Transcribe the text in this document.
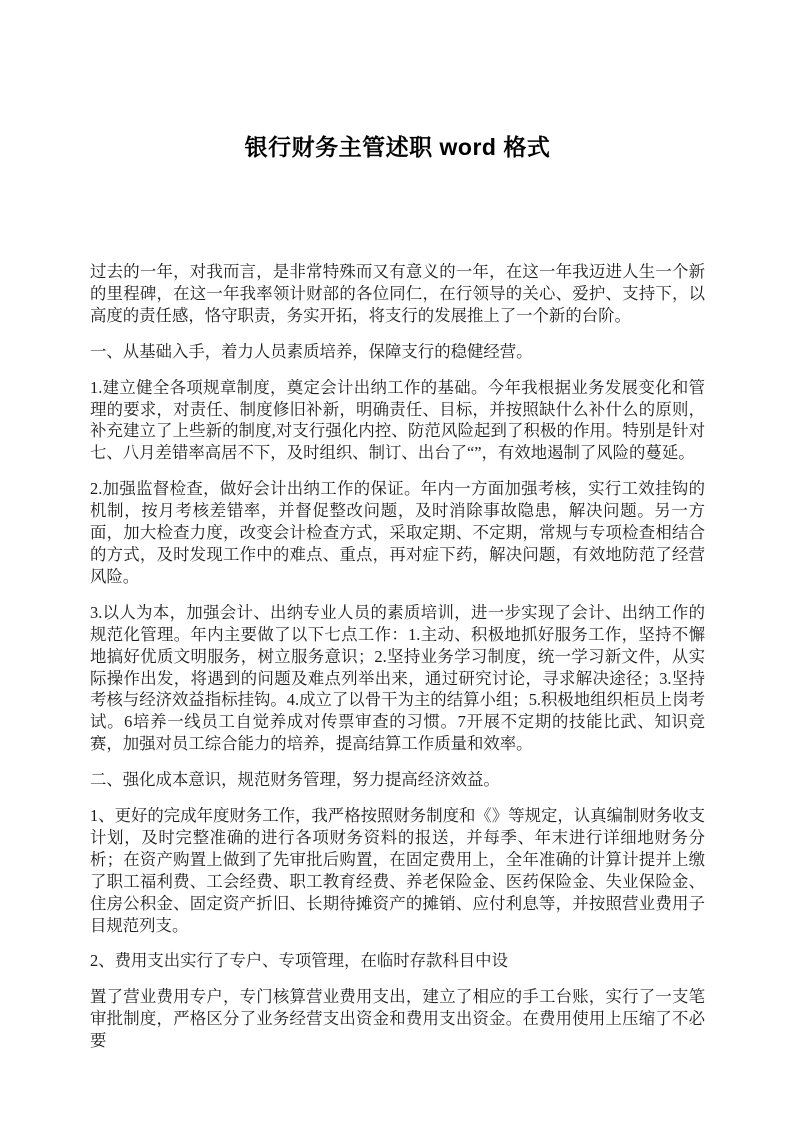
银行财务主管述职 word 格式

过去的一年，对我而言，是非常特殊而又有意义的一年，在这一年我迈进人生一个新的里程碑，在这一年我率领计财部的各位同仁，在行领导的关心、爱护、支持下，以高度的责任感，恪守职责，务实开拓，将支行的发展推上了一个新的台阶。

一、从基础入手，着力人员素质培养，保障支行的稳健经营。

1.建立健全各项规章制度，奠定会计出纳工作的基础。今年我根据业务发展变化和管理的要求，对责任、制度修旧补新，明确责任、目标，并按照缺什么补什么的原则，补充建立了上些新的制度,对支行强化内控、防范风险起到了积极的作用。特别是针对七、八月差错率高居不下，及时组织、制订、出台了“”，有效地遏制了风险的蔓延。

2.加强监督检查，做好会计出纳工作的保证。年内一方面加强考核，实行工效挂钩的机制，按月考核差错率，并督促整改问题，及时消除事故隐患，解决问题。另一方面，加大检查力度，改变会计检查方式，采取定期、不定期，常规与专项检查相结合的方式，及时发现工作中的难点、重点，再对症下药，解决问题，有效地防范了经营风险。

3.以人为本，加强会计、出纳专业人员的素质培训，进一步实现了会计、出纳工作的规范化管理。年内主要做了以下七点工作：1.主动、积极地抓好服务工作，坚持不懈地搞好优质文明服务，树立服务意识；2.坚持业务学习制度，统一学习新文件，从实际操作出发，将遇到的问题及难点列举出来，通过研究讨论，寻求解决途径；3.坚持考核与经济效益指标挂钩。4.成立了以骨干为主的结算小组；5.积极地组织柜员上岗考试。6培养一线员工自觉养成对传票审查的习惯。7开展不定期的技能比武、知识竞赛，加强对员工综合能力的培养，提高结算工作质量和效率。

二、强化成本意识，规范财务管理，努力提高经济效益。

1、更好的完成年度财务工作，我严格按照财务制度和《》等规定，认真编制财务收支计划，及时完整准确的进行各项财务资料的报送，并每季、年末进行详细地财务分析；在资产购置上做到了先审批后购置，在固定费用上，全年准确的计算计提并上缴了职工福利费、工会经费、职工教育经费、养老保险金、医药保险金、失业保险金、住房公积金、固定资产折旧、长期待摊资产的摊销、应付利息等，并按照营业费用子目规范列支。

2、费用支出实行了专户、专项管理，在临时存款科目中设

置了营业费用专户，专门核算营业费用支出，建立了相应的手工台账，实行了一支笔审批制度，严格区分了业务经营支出资金和费用支出资金。在费用使用上压缩了不必要
